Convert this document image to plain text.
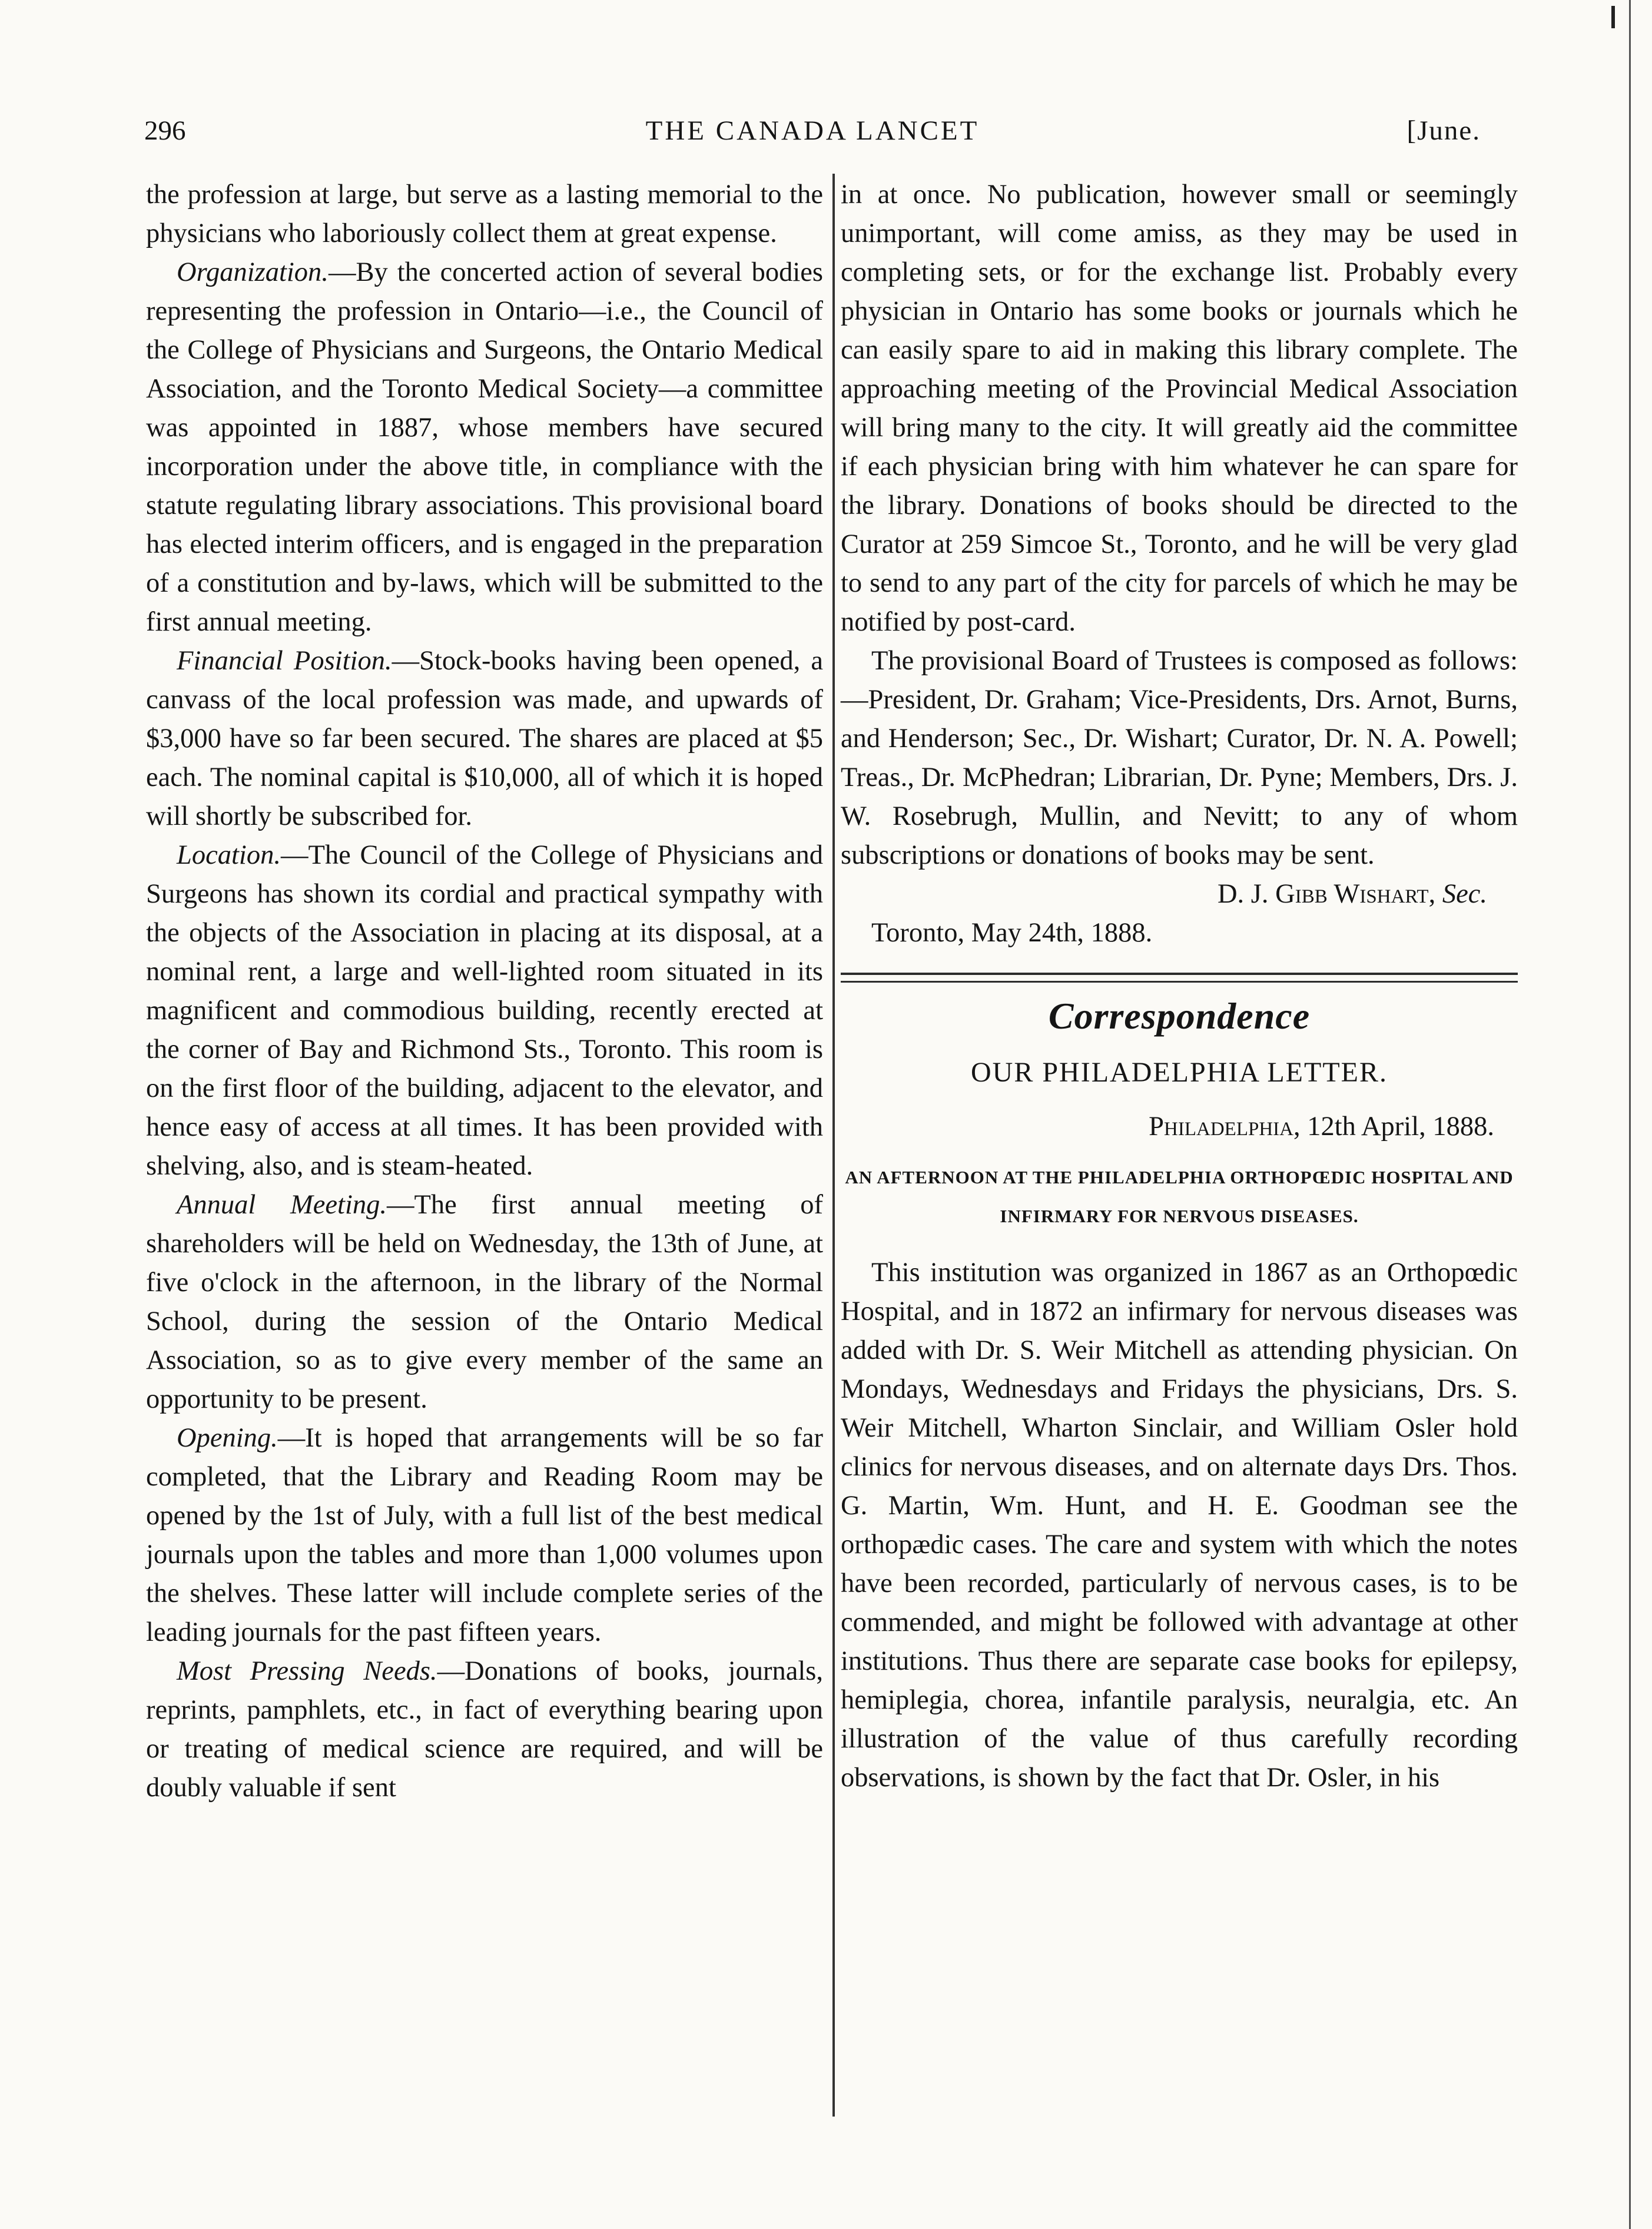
296	THE CANADA LANCET	[June.

the profession at large, but serve as a lasting memorial to the physicians who laboriously collect them at great expense.

Organization.—By the concerted action of several bodies representing the profession in Ontario—i.e., the Council of the College of Physicians and Surgeons, the Ontario Medical Association, and the Toronto Medical Society—a committee was appointed in 1887, whose members have secured incorporation under the above title, in compliance with the statute regulating library associations. This provisional board has elected interim officers, and is engaged in the preparation of a constitution and by-laws, which will be submitted to the first annual meeting.

Financial Position.—Stock-books having been opened, a canvass of the local profession was made, and upwards of $3,000 have so far been secured. The shares are placed at $5 each. The nominal capital is $10,000, all of which it is hoped will shortly be subscribed for.

Location.—The Council of the College of Physicians and Surgeons has shown its cordial and practical sympathy with the objects of the Association in placing at its disposal, at a nominal rent, a large and well-lighted room situated in its magnificent and commodious building, recently erected at the corner of Bay and Richmond Sts., Toronto. This room is on the first floor of the building, adjacent to the elevator, and hence easy of access at all times. It has been provided with shelving, also, and is steam-heated.

Annual Meeting.—The first annual meeting of shareholders will be held on Wednesday, the 13th of June, at five o'clock in the afternoon, in the library of the Normal School, during the session of the Ontario Medical Association, so as to give every member of the same an opportunity to be present.

Opening.—It is hoped that arrangements will be so far completed, that the Library and Reading Room may be opened by the 1st of July, with a full list of the best medical journals upon the tables and more than 1,000 volumes upon the shelves. These latter will include complete series of the leading journals for the past fifteen years.

Most Pressing Needs.—Donations of books, journals, reprints, pamphlets, etc., in fact of everything bearing upon or treating of medical science are required, and will be doubly valuable if sent

in at once. No publication, however small or seemingly unimportant, will come amiss, as they may be used in completing sets, or for the exchange list. Probably every physician in Ontario has some books or journals which he can easily spare to aid in making this library complete. The approaching meeting of the Provincial Medical Association will bring many to the city. It will greatly aid the committee if each physician bring with him whatever he can spare for the library. Donations of books should be directed to the Curator at 259 Simcoe St., Toronto, and he will be very glad to send to any part of the city for parcels of which he may be notified by post-card.

The provisional Board of Trustees is composed as follows:—President, Dr. Graham; Vice-Presidents, Drs. Arnot, Burns, and Henderson; Sec., Dr. Wishart; Curator, Dr. N. A. Powell; Treas., Dr. McPhedran; Librarian, Dr. Pyne; Members, Drs. J. W. Rosebrugh, Mullin, and Nevitt; to any of whom subscriptions or donations of books may be sent.

D. J. Gibb Wishart, Sec.

Toronto, May 24th, 1888.

Correspondence
OUR PHILADELPHIA LETTER.

Philadelphia, 12th April, 1888.

AN AFTERNOON AT THE PHILADELPHIA ORTHOPŒDIC HOSPITAL AND INFIRMARY FOR NERVOUS DISEASES.

This institution was organized in 1867 as an Orthopœdic Hospital, and in 1872 an infirmary for nervous diseases was added with Dr. S. Weir Mitchell as attending physician. On Mondays, Wednesdays and Fridays the physicians, Drs. S. Weir Mitchell, Wharton Sinclair, and William Osler hold clinics for nervous diseases, and on alternate days Drs. Thos. G. Martin, Wm. Hunt, and H. E. Goodman see the orthopædic cases. The care and system with which the notes have been recorded, particularly of nervous cases, is to be commended, and might be followed with advantage at other institutions. Thus there are separate case books for epilepsy, hemiplegia, chorea, infantile paralysis, neuralgia, etc. An illustration of the value of thus carefully recording observations, is shown by the fact that Dr. Osler, in his
